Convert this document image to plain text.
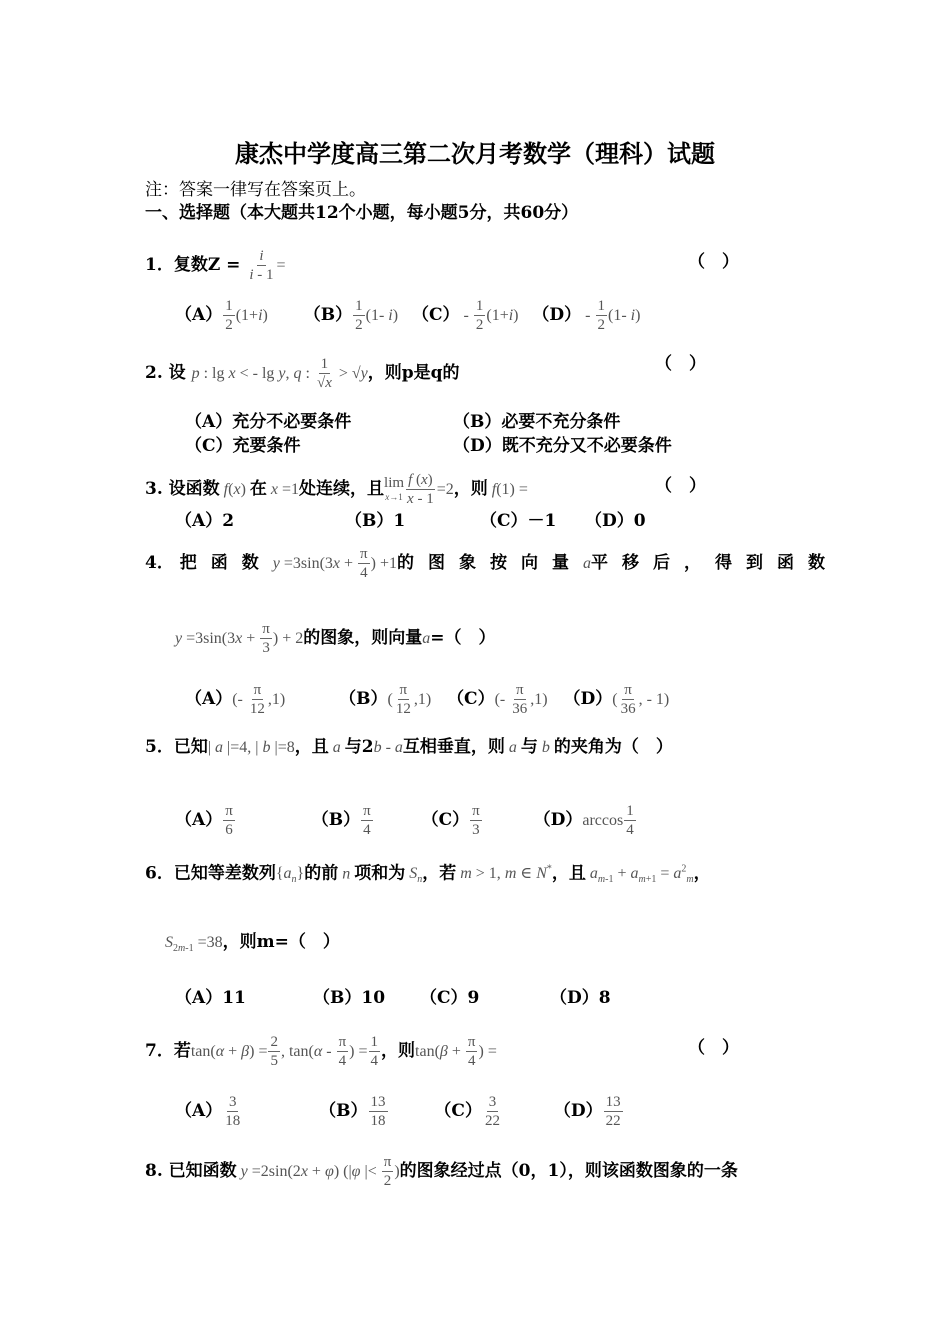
康杰中学度高三第二次月考数学（理科）试题
注：答案一律写在答案页上。
一、选择题（本大题共12个小题，每小题5分，共60分）
1．复数$Z = \frac{i}{i - 1}$ =	（　）
$(A) \frac{1}{2} (1+i)$ $(B) \frac{1}{2} (1-$ i) $(C) - \frac{1}{2} (1+i)$ $(D) - \frac{1}{2} (1-$ i)
2. 设 p : lg x < - lg y, q : $\frac{1}{√x} > √y$，则p是q的	（　）
（A）充分不必要条件	（B）必要不充分条件
（C）充要条件	（D）既不充分又不必要条件
3. 设函数 f(x) 在 x =1处连续，且 lim
$x\to 1 \frac{f (x)}{x - 1} =2$，则 f(1) =	（　）
（A）2	（B）1	（C）－1 （D）0
4． 把函数$y =3\sin(3x + \frac{\pi}{4}$ ) +1的图象按向量a平移后，得到函数
$y =3\sin(3x + \frac{\pi}{3}$ ) + 2的图象，则向量a=（　）
$(A)(- \frac{\pi}{12} ,1)$	$(B)( \frac{\pi}{12} ,1)$ $(C)(- \frac{\pi}{36} ,1)$ $(D)( \frac{\pi}{36}$ , - 1)
5．已知| a |=4, | b |=8，且 a 与2b - a互相垂直，则 a 与 b 的夹角为（　）
$(A) \frac{\pi}{6}$	$(B) \frac{\pi}{4}$	$(C) \frac{\pi}{3}$	$(D)\arccos \frac{1}{4}$
6．已知等差数列$\{a_n\}$的前 n 项和为 $S_n$，若 m > 1, m ∈ N*，且 $a_{m-1} + a_{m+1} = a^2_m$，
$S_{2m-1} =38$，则m=（　）
（A）11	（B）10 （C）9	（D）8
7．若$\tan(\alpha + \beta) = \frac{2}{5}$ , $\tan(\alpha - \frac{\pi}{4}$ ) = $\frac{1}{4}$ ，则$\tan(\beta + \frac{\pi}{4}$ ) =	（　）
$(A) \frac{3}{18}$	$(B) \frac{13}{18}$	$(C) \frac{3}{22}$	$(D) \frac{13}{22}$
8. 已知函数 y =2sin(2x + φ) (|φ |< $\frac{\pi}{2}$ )的图象经过点（0，1），则该函数图象的一条
